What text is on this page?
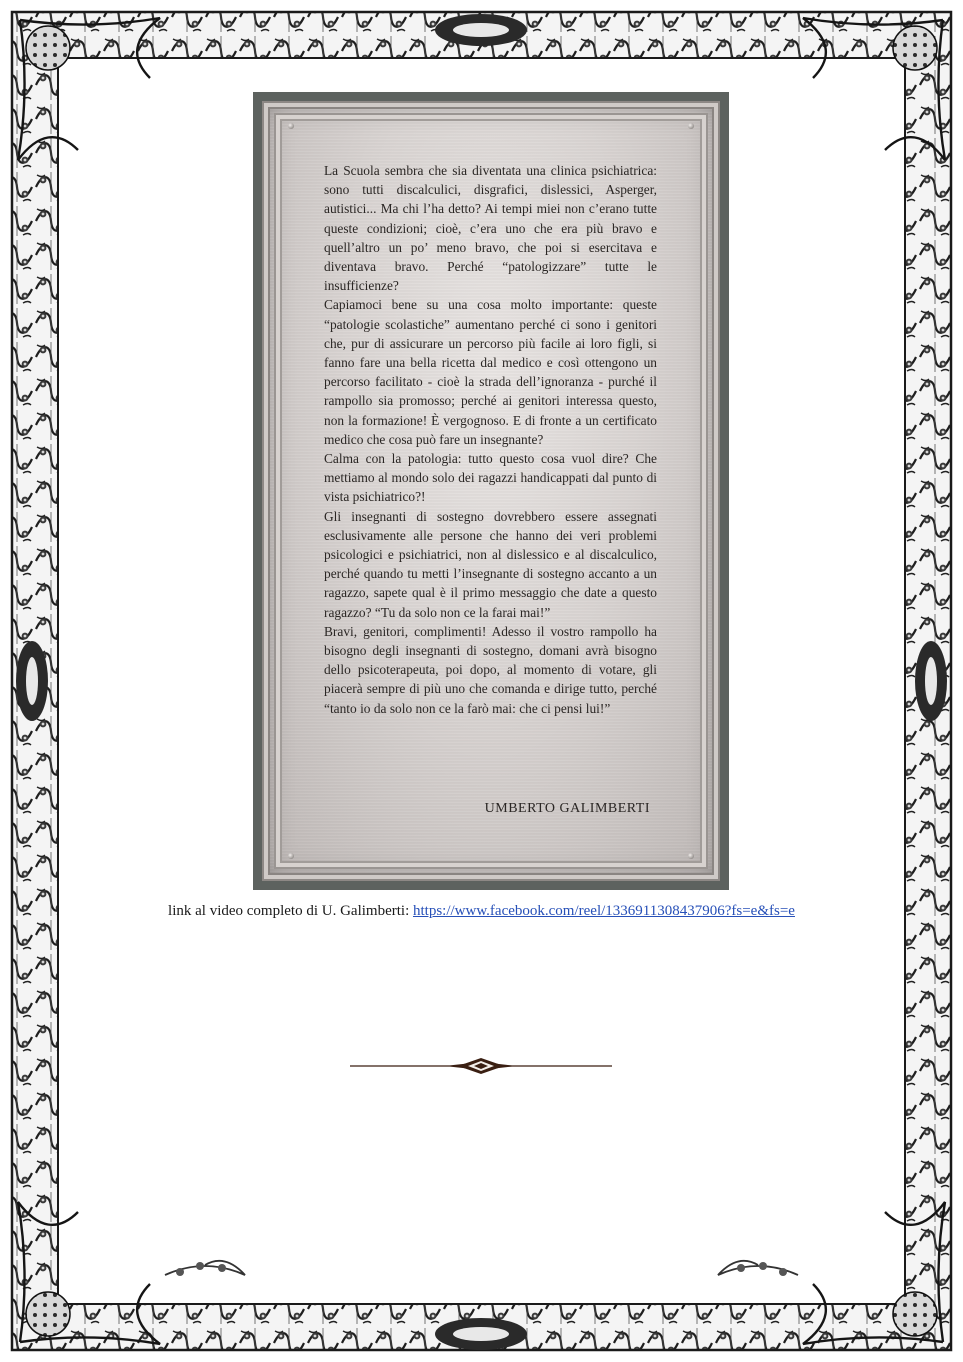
La Scuola sembra che sia diventata una clinica psichiatrica: sono tutti discalculici, disgrafici, dislessici, Asperger, autistici... Ma chi l’ha detto? Ai tempi miei non c’erano tutte queste condizioni; cioè, c’era uno che era più bravo e quell’altro un po’ meno bravo, che poi si esercitava e diventava bravo. Perché “patologizzare” tutte le insufficienze?

Capiamoci bene su una cosa molto importante: queste “patologie scolastiche” aumentano perché ci sono i genitori che, pur di assicurare un percorso più facile ai loro figli, si fanno fare una bella ricetta dal medico e così ottengono un percorso facilitato - cioè la strada dell’ignoranza - purché il rampollo sia promosso; perché ai genitori interessa questo, non la formazione! È vergognoso. E di fronte a un certificato medico che cosa può fare un insegnante?

Calma con la patologia: tutto questo cosa vuol dire? Che mettiamo al mondo solo dei ragazzi handicappati dal punto di vista psichiatrico?!

Gli insegnanti di sostegno dovrebbero essere assegnati esclusivamente alle persone che hanno dei veri problemi psicologici e psichiatrici, non al dislessico e al discalculico, perché quando tu metti l’insegnante di sostegno accanto a un ragazzo, sapete qual è il primo messaggio che date a questo ragazzo? “Tu da solo non ce la farai mai!”

Bravi, genitori, complimenti! Adesso il vostro rampollo ha bisogno degli insegnanti di sostegno, domani avrà bisogno dello psicoterapeuta, poi dopo, al momento di votare, gli piacerà sempre di più uno che comanda e dirige tutto, perché “tanto io da solo non ce la farò mai: che ci pensi lui!”

UMBERTO GALIMBERTI
link al video completo di U. Galimberti: https://www.facebook.com/reel/1336911308437906?fs=e&fs=e
